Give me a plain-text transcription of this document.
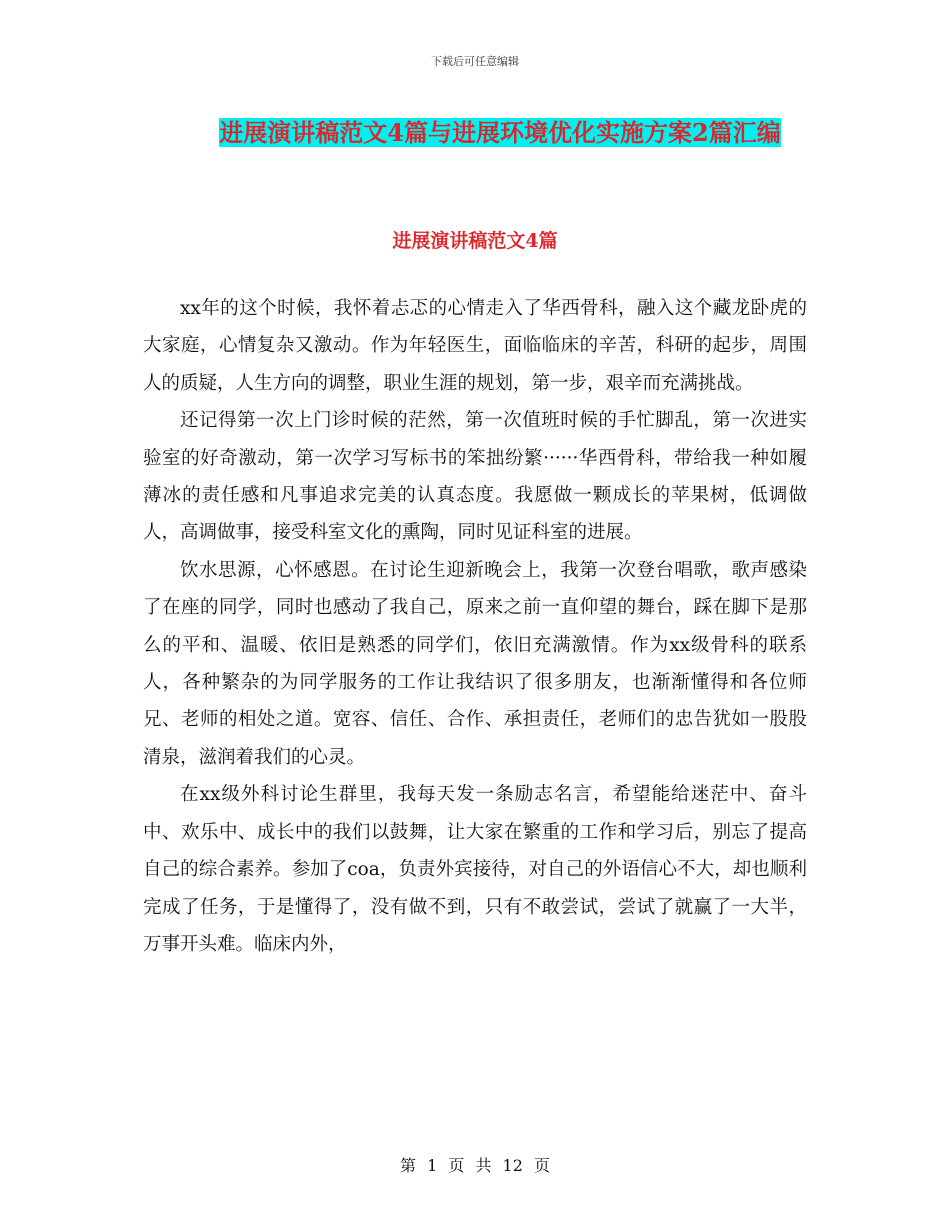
下载后可任意编辑
进展演讲稿范文4篇与进展环境优化实施方案2篇汇编
进展演讲稿范文4篇

xx年的这个时候，我怀着忐忑的心情走入了华西骨科，融入这个藏龙卧虎的大家庭，心情复杂又激动。作为年轻医生，面临临床的辛苦，科研的起步，周围人的质疑，人生方向的调整，职业生涯的规划，第一步，艰辛而充满挑战。

还记得第一次上门诊时候的茫然，第一次值班时候的手忙脚乱，第一次进实验室的好奇激动，第一次学习写标书的笨拙纷繁······华西骨科，带给我一种如履薄冰的责任感和凡事追求完美的认真态度。我愿做一颗成长的苹果树，低调做人，高调做事，接受科室文化的熏陶，同时见证科室的进展。

饮水思源，心怀感恩。在讨论生迎新晚会上，我第一次登台唱歌，歌声感染了在座的同学，同时也感动了我自己，原来之前一直仰望的舞台，踩在脚下是那么的平和、温暖、依旧是熟悉的同学们，依旧充满激情。作为xx级骨科的联系人，各种繁杂的为同学服务的工作让我结识了很多朋友，也渐渐懂得和各位师兄、老师的相处之道。宽容、信任、合作、承担责任，老师们的忠告犹如一股股清泉，滋润着我们的心灵。

在xx级外科讨论生群里，我每天发一条励志名言，希望能给迷茫中、奋斗中、欢乐中、成长中的我们以鼓舞，让大家在繁重的工作和学习后，别忘了提高自己的综合素养。参加了coa，负责外宾接待，对自己的外语信心不大，却也顺利完成了任务，于是懂得了，没有做不到，只有不敢尝试，尝试了就赢了一大半，万事开头难。临床内外，

第 1 页 共 12 页
